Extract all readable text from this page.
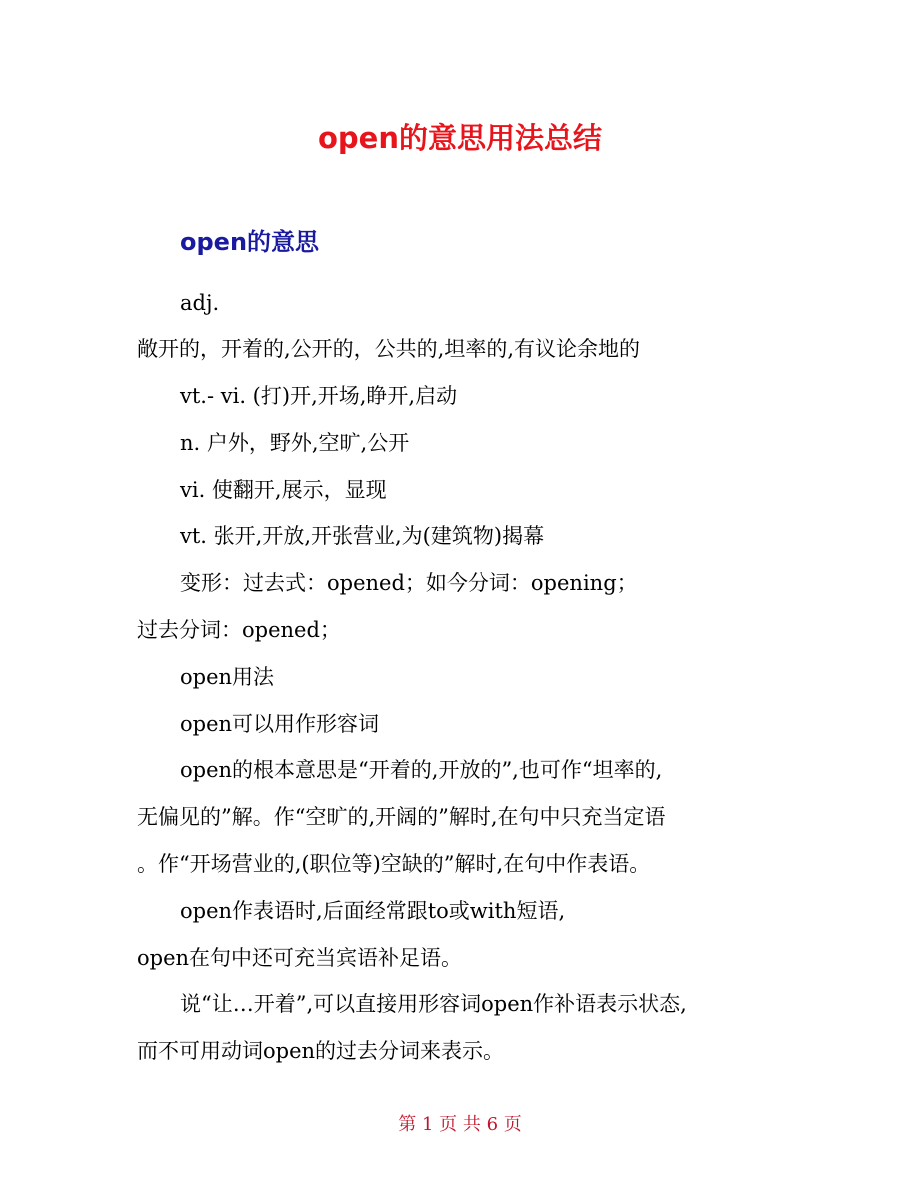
open的意思用法总结
open的意思
adj.
敞开的，开着的,公开的，公共的,坦率的,有议论余地的
vt.- vi. (打)开,开场,睁开,启动
n. 户外，野外,空旷,公开
vi. 使翻开,展示，显现
vt. 张开,开放,开张营业,为(建筑物)揭幕
变形：过去式：opened；如今分词：opening；
过去分词：opened；
open用法
open可以用作形容词
open的根本意思是“开着的,开放的”,也可作“坦率的,
无偏见的”解。作“空旷的,开阔的”解时,在句中只充当定语
。作“开场营业的,(职位等)空缺的”解时,在句中作表语。
open作表语时,后面经常跟to或with短语,
open在句中还可充当宾语补足语。
说“让…开着”,可以直接用形容词open作补语表示状态,
而不可用动词open的过去分词来表示。
第 1 页 共 6 页
